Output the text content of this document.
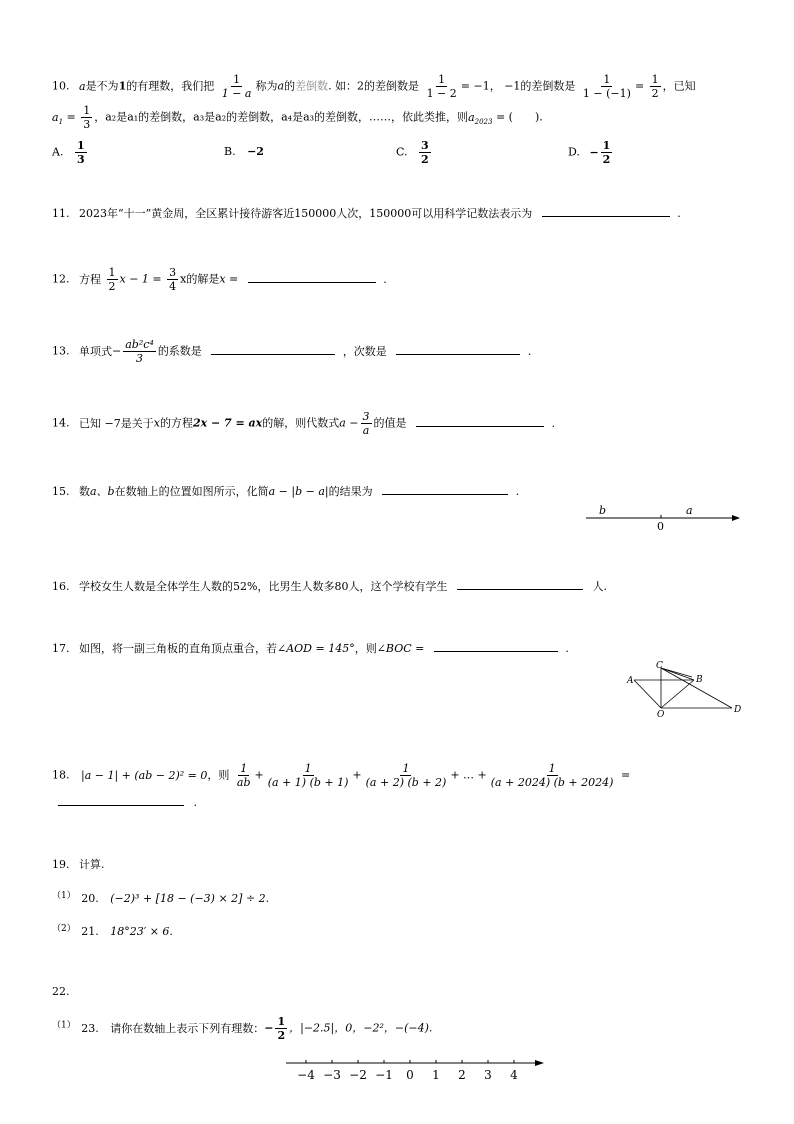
10. a是不为1的有理数，我们把 $\frac{1}{1 - a}$ 称为a的差倒数. 如：2的差倒数是 $\frac{1}{1 - 2} = -1$， −1的差倒数是 $\frac{1}{1 - (-1)} = \frac{1}{2}$ ，已知
$a_1 = \frac{1}{3}$ ，a₂是a₁的差倒数，a₃是a₂的差倒数，a₄是a₃的差倒数，……，依此类推，则$a_{2023}$ = (　　).
A. $\frac{1}{3}$	B. −2	C. $\frac{3}{2}$	D. − $\frac{1}{2}$
11. 2023年“十一”黄金周，全区累计接待游客近150000人次，150000可以用科学记数法表示为	.
12. 方程 $\frac{1}{2}$ $x - 1 = \frac{3}{4}$ x的解是x =	.
13. 单项式− $\frac{\text{ab²c⁴}}{3}$ 的系数是	，次数是	.
14. 已知 −7是关于x的方程2x − 7 = ax的解，则代数式$a - \frac{3}{a}$ 的值是	.
15. 数a、b在数轴上的位置如图所示，化简a − |b − a|的结果为	.
b
0
a
16. 学校女生人数是全体学生人数的52%，比男生人数多80人，这个学校有学生	人.
17. 如图，将一副三角板的直角顶点重合，若∠AOD = 145°，则∠BOC =	.
A
C
B
O	D
18. |a − 1| + (ab − 2)² = 0，则 $\frac{1}{ab} + \frac{1}{(a + 1) (b + 1)} + \frac{1}{(a + 2) (b + 2)}$ + … + $\frac{1}{(a + 2024) (b + 2024)}$ =
.
19. 计算.
$^{(1)}$ 20. (−2)³ + [18 − (−3) × 2] ÷ 2.
$^{(2)}$ 21. 18°23′ × 6.
22.
$^{(1)}$ 23. 请你在数轴上表示下列有理数：− $\frac{1}{2}$ ，|−2.5|，0，−2²，−(−4).
−4 −3 −2 −1 0 1 2 3 4
